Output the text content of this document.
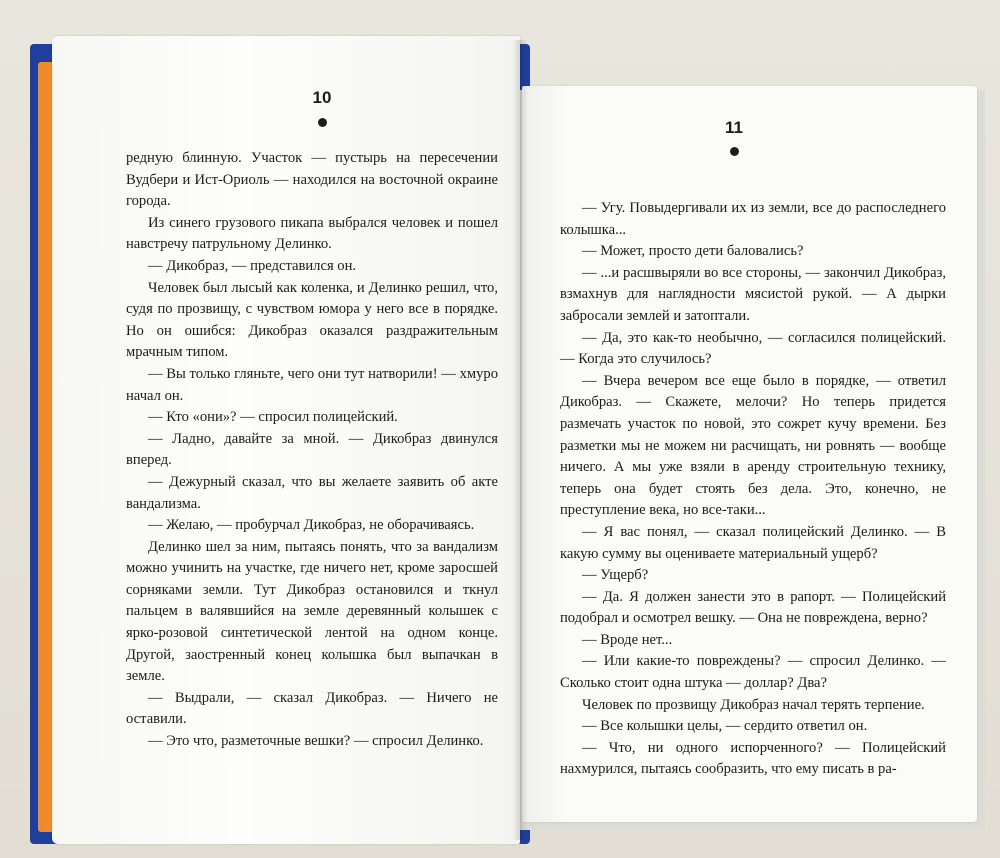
10

редную блинную. Участок — пустырь на пересечении Вудбери и Ист-Ориоль — находился на восточной окраине города.

Из синего грузового пикапа выбрался человек и пошел навстречу патрульному Делинко.

— Дикобраз, — представился он.

Человек был лысый как коленка, и Делинко решил, что, судя по прозвищу, с чувством юмора у него все в порядке. Но он ошибся: Дикобраз оказался раздражительным мрачным типом.

— Вы только гляньте, чего они тут натворили! — хмуро начал он.

— Кто «они»? — спросил полицейский.

— Ладно, давайте за мной. — Дикобраз двинулся вперед.

— Дежурный сказал, что вы желаете заявить об акте вандализма.

— Желаю, — пробурчал Дикобраз, не оборачиваясь.

Делинко шел за ним, пытаясь понять, что за вандализм можно учинить на участке, где ничего нет, кроме заросшей сорняками земли. Тут Дикобраз остановился и ткнул пальцем в валявшийся на земле деревянный колышек с ярко-розовой синтетической лентой на одном конце. Другой, заостренный конец колышка был выпачкан в земле.

— Выдрали, — сказал Дикобраз. — Ничего не оставили.

— Это что, разметочные вешки? — спросил Делинко.

11

— Угу. Повыдергивали их из земли, все до распоследнего колышка...

— Может, просто дети баловались?

— ...и расшвыряли во все стороны, — закончил Дикобраз, взмахнув для наглядности мясистой рукой. — А дырки забросали землей и затоптали.

— Да, это как-то необычно, — согласился полицейский. — Когда это случилось?

— Вчера вечером все еще было в порядке, — ответил Дикобраз. — Скажете, мелочи? Но теперь придется размечать участок по новой, это сожрет кучу времени. Без разметки мы не можем ни расчищать, ни ровнять — вообще ничего. А мы уже взяли в аренду строительную технику, теперь она будет стоять без дела. Это, конечно, не преступление века, но все-таки...

— Я вас понял, — сказал полицейский Делинко. — В какую сумму вы оцениваете материальный ущерб?

— Ущерб?

— Да. Я должен занести это в рапорт. — Полицейский подобрал и осмотрел вешку. — Она не повреждена, верно?

— Вроде нет...

— Или какие-то повреждены? — спросил Делинко. — Сколько стоит одна штука — доллар? Два?

Человек по прозвищу Дикобраз начал терять терпение.

— Все колышки целы, — сердито ответил он.

— Что, ни одного испорченного? — Полицейский нахмурился, пытаясь сообразить, что ему писать в ра-
